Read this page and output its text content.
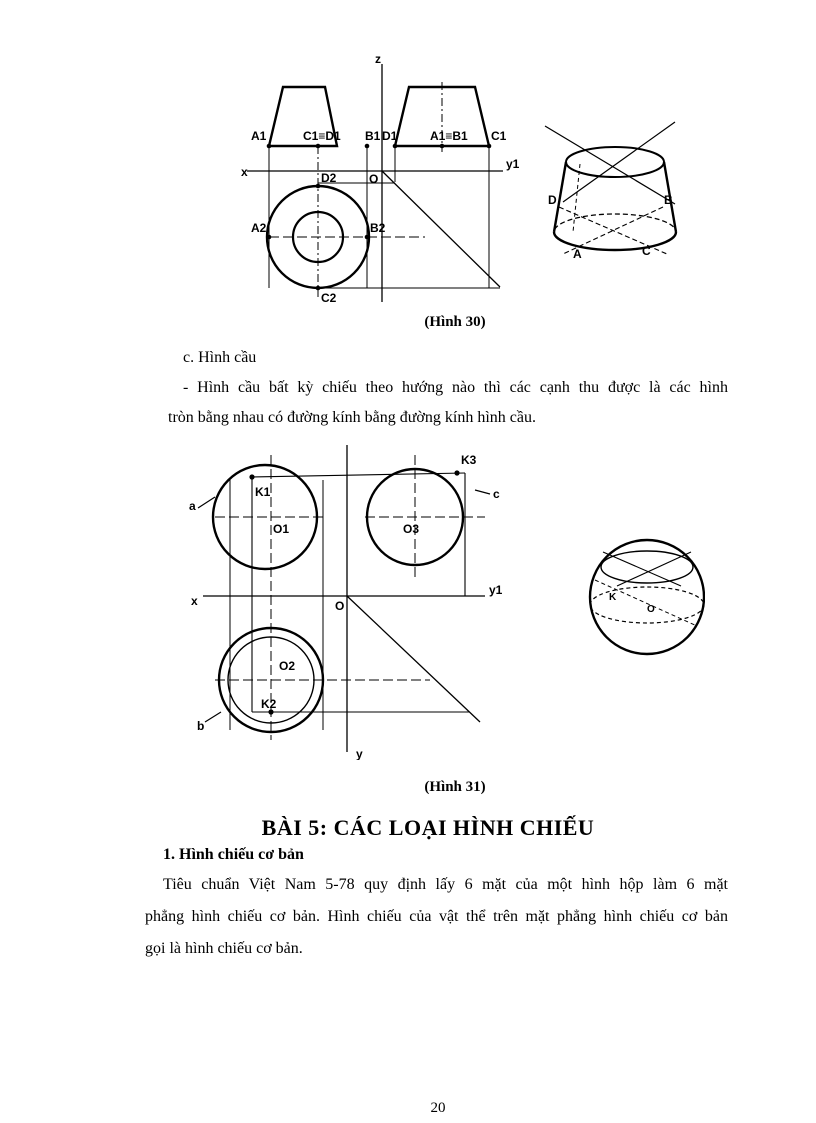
z
x
y1
O
A1	C1≡D1 B1 D1	A1≡B1 C1
D2
A2	B2
C2
D	B
A	C
(Hình 30)
c. Hình cầu
- Hình cầu bất kỳ chiếu theo hướng nào thì các cạnh thu được là các hình
tròn bằng nhau có đường kính bằng đường kính hình cầu.
a
K1
O1
K3
c
O3
x	O
y1
O2
K2
b
y
K
O
(Hình 31)
BÀI 5: CÁC LOẠI HÌNH CHIẾU
1. Hình chiếu cơ bản
Tiêu chuẩn Việt Nam 5-78 quy định lấy 6 mặt của một hình hộp làm 6 mặt
phẳng hình chiếu cơ bản. Hình chiếu của vật thể trên mặt phẳng hình chiếu cơ bản
gọi là hình chiếu cơ bản.
20
